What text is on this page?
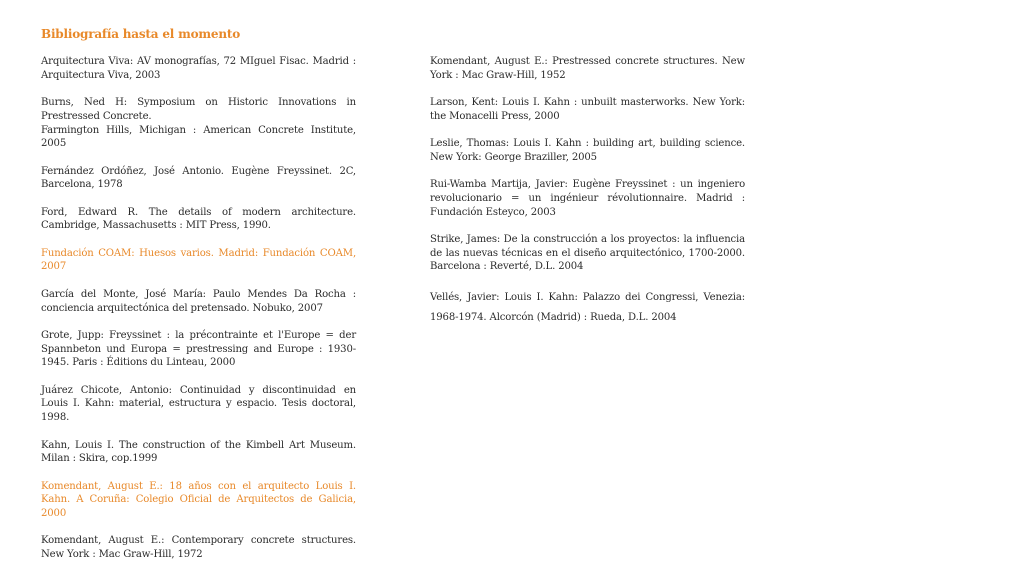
Bibliografía hasta el momento

Arquitectura Viva: AV monografías, 72 MIguel Fisac. Madrid : Arquitectura Viva, 2003

Burns, Ned H: Symposium on Historic Innovations in Prestressed Concrete.
Farmington Hills, Michigan : American Concrete Institute, 2005

Fernández Ordóñez, José Antonio. Eugène Freyssinet. 2C, Barcelona, 1978

Ford, Edward R. The details of modern architecture. Cambridge, Massachusetts : MIT Press, 1990.

Fundación COAM: Huesos varios. Madrid: Fundación COAM, 2007

García del Monte, José María: Paulo Mendes Da Rocha : conciencia arquitectónica del pretensado. Nobuko, 2007

Grote, Jupp: Freyssinet : la précontrainte et l'Europe = der Spannbeton und Europa = prestressing and Europe : 1930-1945. Paris : Éditions du Linteau, 2000

Juárez Chicote, Antonio: Continuidad y discontinuidad en Louis I. Kahn: material, estructura y espacio. Tesis doctoral, 1998.

Kahn, Louis I. The construction of the Kimbell Art Museum. Milan : Skira, cop.1999

Komendant, August E.: 18 años con el arquitecto Louis I. Kahn. A Coruña: Colegio Oficial de Arquitectos de Galicia, 2000

Komendant, August E.: Contemporary concrete structures. New York : Mac Graw-Hill, 1972

Komendant, August E.: Prestressed concrete structures. New York : Mac Graw-Hill, 1952

Larson, Kent: Louis I. Kahn : unbuilt masterworks. New York: the Monacelli Press, 2000

Leslie, Thomas: Louis I. Kahn : building art, building science. New York: George Braziller, 2005

Rui-Wamba Martija, Javier: Eugène Freyssinet : un ingeniero revolucionario = un ingénieur révolutionnaire. Madrid : Fundación Esteyco, 2003

Strike, James: De la construcción a los proyectos: la influencia de las nuevas técnicas en el diseño arquitectónico, 1700-2000. Barcelona : Reverté, D.L. 2004

Vellés, Javier: Louis I. Kahn: Palazzo dei Congressi, Venezia: 1968-1974. Alcorcón (Madrid) : Rueda, D.L. 2004
